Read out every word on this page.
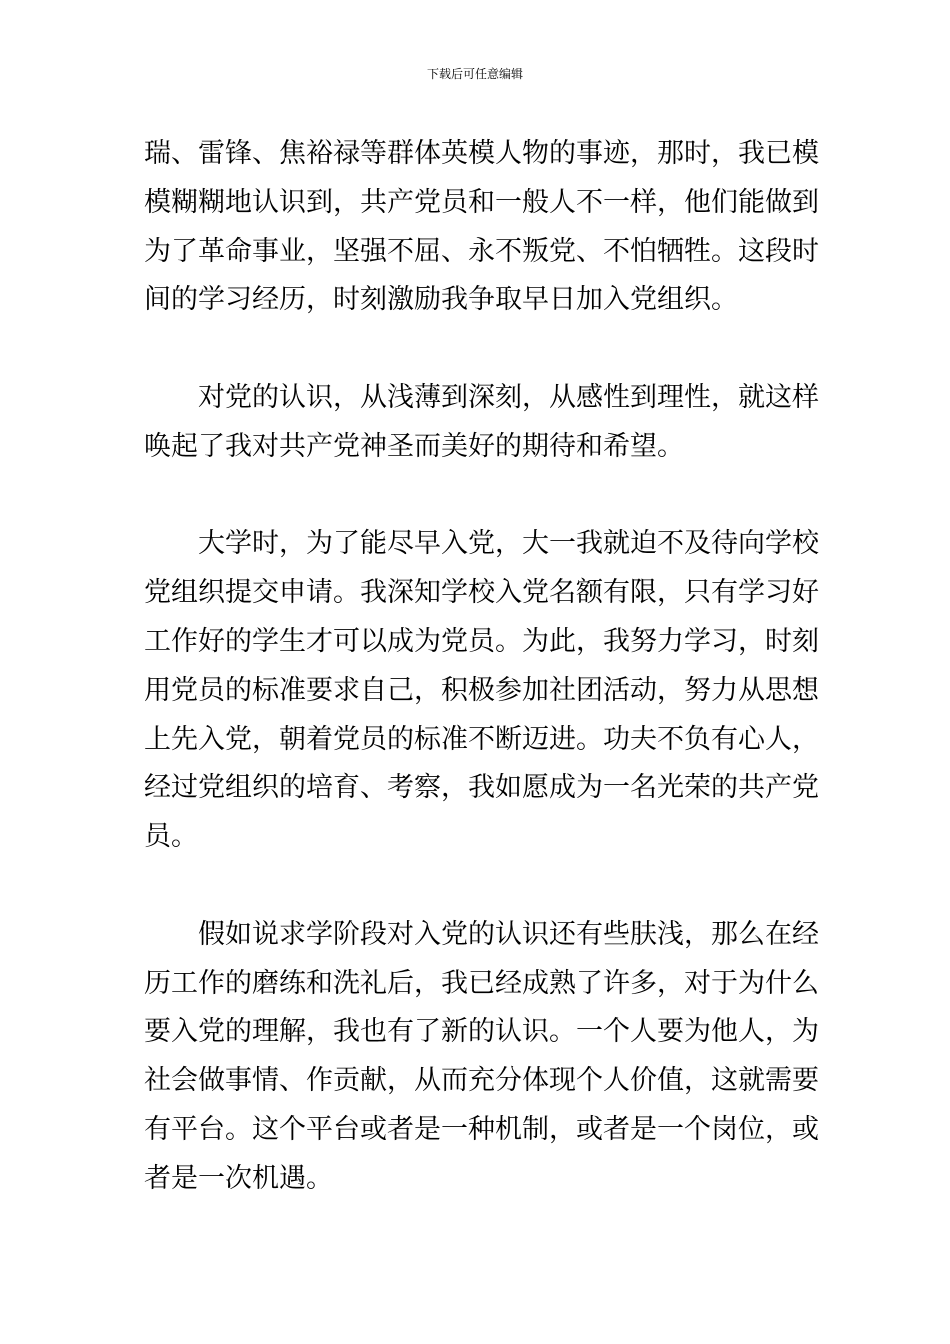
下载后可任意编辑
瑞、雷锋、焦裕禄等群体英模人物的事迹，那时，我已模
模糊糊地认识到，共产党员和一般人不一样，他们能做到
为了革命事业，坚强不屈、永不叛党、不怕牺牲。这段时
间的学习经历，时刻激励我争取早日加入党组织。
对党的认识，从浅薄到深刻，从感性到理性，就这样
唤起了我对共产党神圣而美好的期待和希望。
大学时，为了能尽早入党，大一我就迫不及待向学校
党组织提交申请。我深知学校入党名额有限，只有学习好
工作好的学生才可以成为党员。为此，我努力学习，时刻
用党员的标准要求自己，积极参加社团活动，努力从思想
上先入党，朝着党员的标准不断迈进。功夫不负有心人，
经过党组织的培育、考察，我如愿成为一名光荣的共产党
员。
假如说求学阶段对入党的认识还有些肤浅，那么在经
历工作的磨练和洗礼后，我已经成熟了许多，对于为什么
要入党的理解，我也有了新的认识。一个人要为他人，为
社会做事情、作贡献，从而充分体现个人价值，这就需要
有平台。这个平台或者是一种机制，或者是一个岗位，或
者是一次机遇。
